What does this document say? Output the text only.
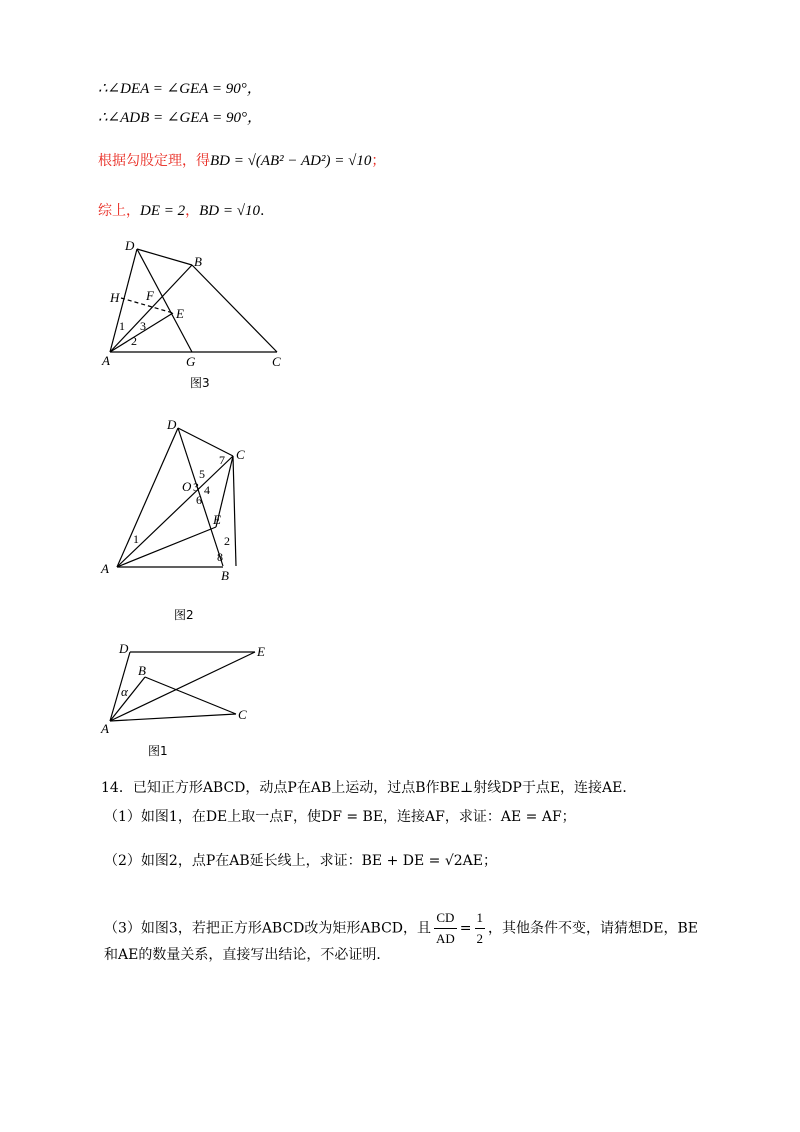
∴∠DEA = ∠GEA = 90°，
∴∠ADB = ∠GEA = 90°，
根据勾股定理，得BD = √(AB² − AD²) = √10；
综上，DE = 2，BD = √10.
D
B
H F
E
A	G	C
1 3
2
图3
D
C
O
E
A	B
7
5
3 4
6
1	2
8
图2
D	E
B
A
C
α
图1
14．已知正方形ABCD，动点P在AB上运动，过点B作BE⊥射线DP于点E，连接AE．
（1）如图1，在DE上取一点F，使DF = BE，连接AF，求证：AE = AF；
（2）如图2，点P在AB延长线上，求证：BE + DE = √2AE；
（3）如图3，若把正方形ABCD改为矩形ABCD，且 $\frac{CD}{AD} = \frac{1}{2}$ ，其他条件不变，请猜想DE，BE
和AE的数量关系，直接写出结论，不必证明．
